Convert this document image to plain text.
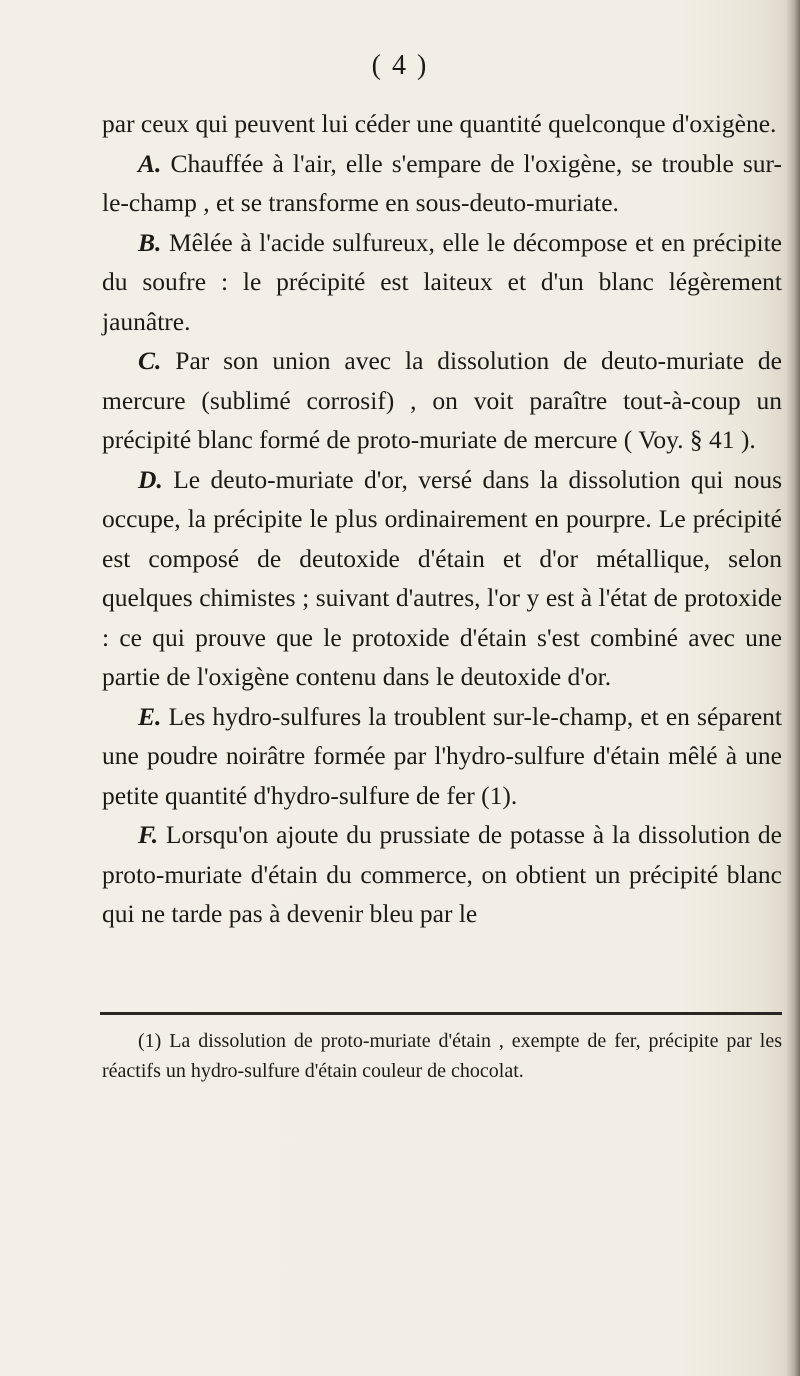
( 4 )

par ceux qui peuvent lui céder une quantité quelconque d'oxigène.

A. Chauffée à l'air, elle s'empare de l'oxigène, se trouble sur-le-champ , et se transforme en sous-deuto-muriate.

B. Mêlée à l'acide sulfureux, elle le décompose et en précipite du soufre : le précipité est laiteux et d'un blanc légèrement jaunâtre.

C. Par son union avec la dissolution de deuto-muriate de mercure (sublimé corrosif) , on voit paraître tout-à-coup un précipité blanc formé de proto-muriate de mercure ( Voy. § 41 ).

D. Le deuto-muriate d'or, versé dans la dissolution qui nous occupe, la précipite le plus ordinairement en pourpre. Le précipité est composé de deutoxide d'étain et d'or métallique, selon quelques chimistes ; suivant d'autres, l'or y est à l'état de protoxide : ce qui prouve que le protoxide d'étain s'est combiné avec une partie de l'oxigène contenu dans le deutoxide d'or.

E. Les hydro-sulfures la troublent sur-le-champ, et en séparent une poudre noirâtre formée par l'hydro-sulfure d'étain mêlé à une petite quantité d'hydro-sulfure de fer (1).

F. Lorsqu'on ajoute du prussiate de potasse à la dissolution de proto-muriate d'étain du commerce, on obtient un précipité blanc qui ne tarde pas à devenir bleu par le

(1) La dissolution de proto-muriate d'étain , exempte de fer, précipite par les réactifs un hydro-sulfure d'étain couleur de chocolat.
